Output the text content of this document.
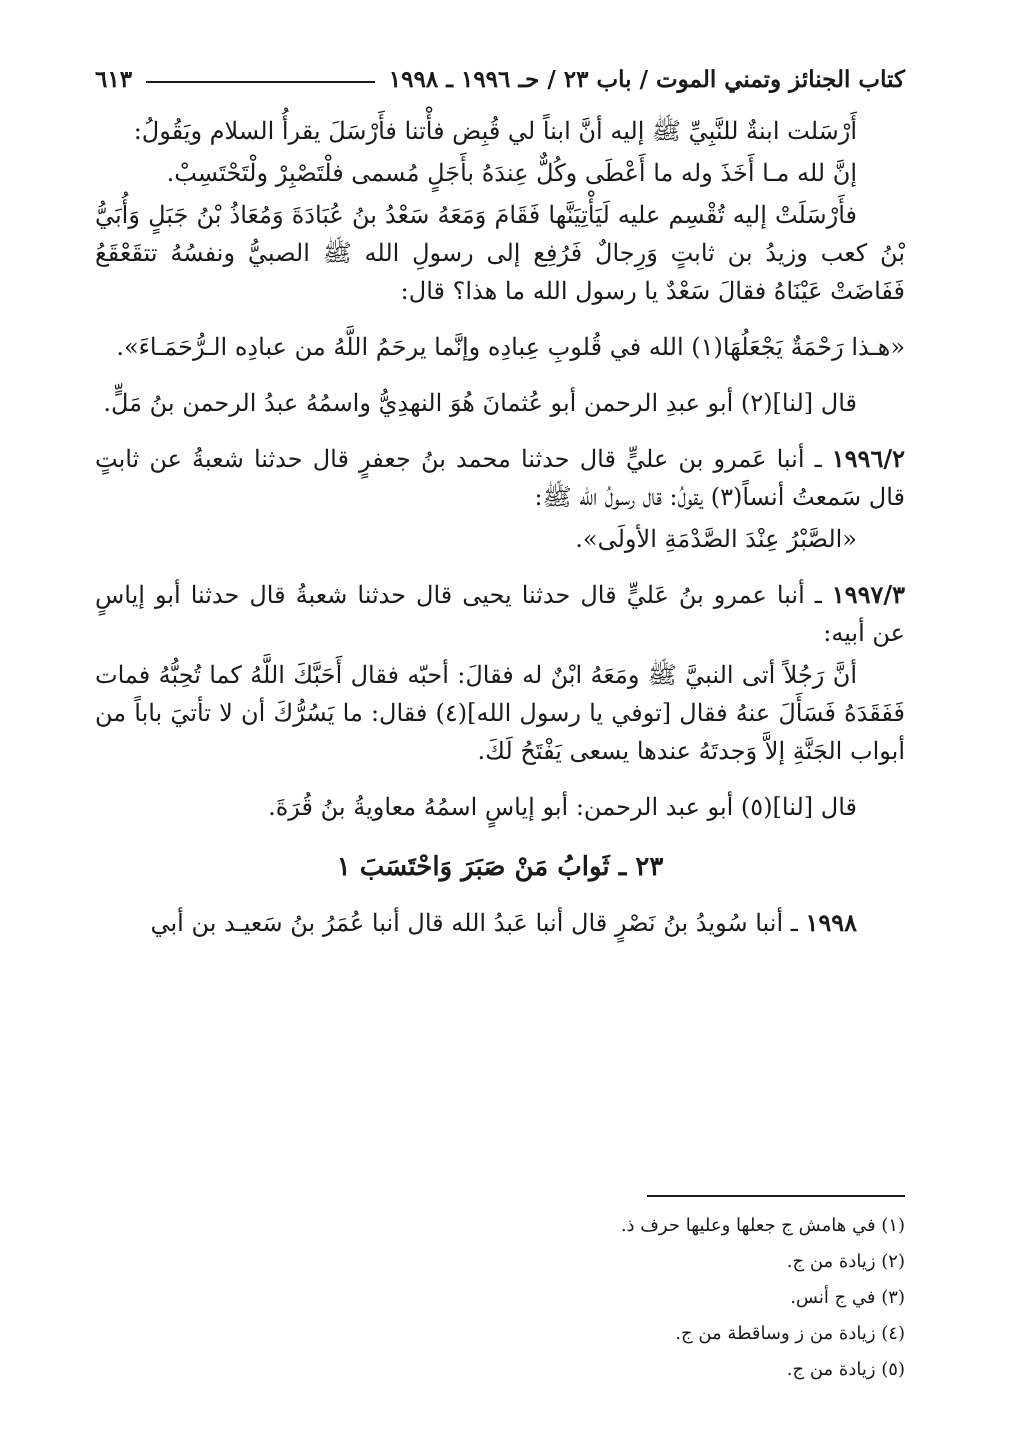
كتاب الجنائز وتمني الموت / باب ٢٣ / حـ ١٩٩٦ ـ ١٩٩٨
٦١٣

أَرْسَلت ابنةٌ للنَّبِيِّ ﷺ إليه أنَّ ابناً لي قُبِض فأْتنا فأَرْسَلَ يقرأُ السلام ويَقُولُ:

إنَّ لله مـا أَخَذَ وله ما أَعْطَى وكُلٌّ عِندَهُ بأَجَلٍ مُسمى فلْتَصْبِرْ ولْتَحْتَسِبْ.

فأَرْسَلَتْ إليه تُقْسِم عليه لَيَأْتِيَنَّها فَقَامَ وَمَعَهُ سَعْدُ بنُ عُبَادَةَ وَمُعَاذُ بْنُ جَبَلٍ وَأُبَيُّ بْنُ كعب وزيدُ بن ثابتٍ وَرِجالٌ فَرُفِع إلى رسولِ الله ﷺ الصبيُّ ونفسُهُ تتقَعْقَعُ فَفَاضَتْ عَيْنَاهُ فقالَ سَعْدٌ يا رسول الله ما هذا؟ قال:

«هـذا رَحْمَةٌ يَجْعَلُهَا(١) الله في قُلوبِ عِبادِه وإنَّما يرحَمُ اللَّهُ من عبادِه الـرُّحَمَـاءَ».

قال [لنا](٢) أبو عبدِ الرحمن أبو عُثمانَ هُوَ النهدِيُّ واسمُهُ عبدُ الرحمن بنُ مَلٍّ.

١٩٩٦/٢ ـ أنبا عَمرو بن عليٍّ قال حدثنا محمد بنُ جعفرٍ قال حدثنا شعبةُ عن ثابتٍ قال سَمعتُ أنساً(٣) يقولُ: قال رسولُ الله ﷺ:

«الصَّبْرُ عِنْدَ الصَّدْمَةِ الأولَى».

١٩٩٧/٣ ـ أنبا عمرو بنُ عَليٍّ قال حدثنا يحيى قال حدثنا شعبةُ قال حدثنا أبو إياسٍ عن أبيه:

أنَّ رَجُلاً أتى النبيَّ ﷺ ومَعَهُ ابْنٌ له فقالَ: أحبّه فقال أَحَبَّكَ اللَّهُ كما تُحِبُّهُ فمات فَفَقَدَهُ فَسَأَلَ عنهُ فقال [توفي يا رسول الله](٤) فقال: ما يَسُرُّكَ أن لا تأتيَ باباً من أبواب الجَنَّةِ إلاَّ وَجدتَهُ عندها يسعى يَفْتَحُ لَكَ.

قال [لنا](٥) أبو عبد الرحمن: أبو إياسٍ اسمُهُ معاويةُ بنُ قُرَةَ.

٢٣ ـ ثَوابُ مَنْ صَبَرَ وَاحْتَسَبَ ١

١٩٩٨ ـ أنبا سُويدُ بنُ نَصْرٍ قال أنبا عَبدُ الله قال أنبا عُمَرُ بنُ سَعيـد بن أبي

(١) في هامش ج جعلها وعليها حرف ذ.
(٢) زيادة من ج.
(٣) في ج أنس.
(٤) زيادة من ز وساقطة من ج.
(٥) زيادة من ج.
